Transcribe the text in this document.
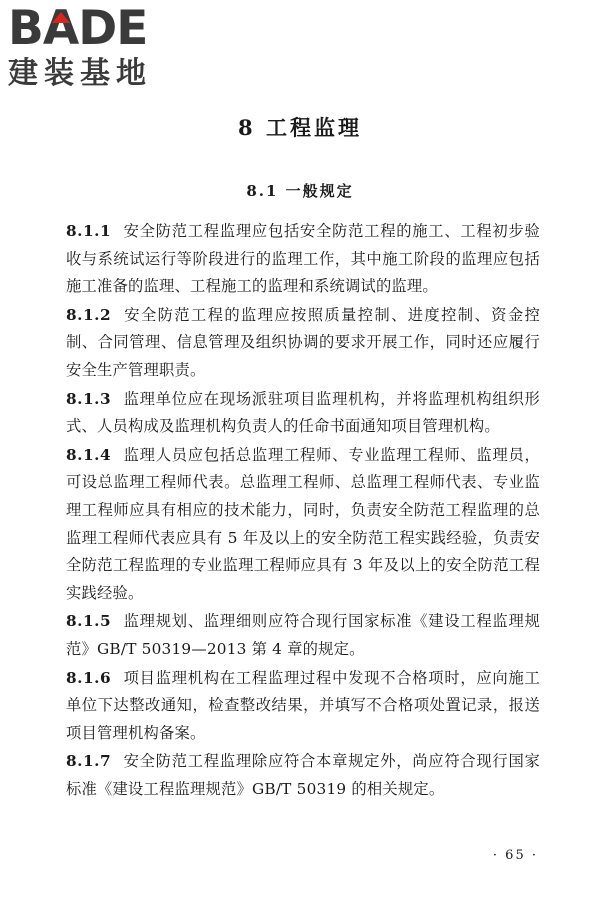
BA
DE
建装基地
8 工程监理
8.1 一般规定

8.1.1 安全防范工程监理应包括安全防范工程的施工、工程初步验收与系统试运行等阶段进行的监理工作，其中施工阶段的监理应包括施工准备的监理、工程施工的监理和系统调试的监理。

8.1.2 安全防范工程的监理应按照质量控制、进度控制、资金控制、合同管理、信息管理及组织协调的要求开展工作，同时还应履行安全生产管理职责。

8.1.3 监理单位应在现场派驻项目监理机构，并将监理机构组织形式、人员构成及监理机构负责人的任命书面通知项目管理机构。

8.1.4 监理人员应包括总监理工程师、专业监理工程师、监理员，可设总监理工程师代表。总监理工程师、总监理工程师代表、专业监理工程师应具有相应的技术能力，同时，负责安全防范工程监理的总监理工程师代表应具有 5 年及以上的安全防范工程实践经验，负责安全防范工程监理的专业监理工程师应具有 3 年及以上的安全防范工程实践经验。

8.1.5 监理规划、监理细则应符合现行国家标准《建设工程监理规范》GB/T 50319—2013 第 4 章的规定。

8.1.6 项目监理机构在工程监理过程中发现不合格项时，应向施工单位下达整改通知，检查整改结果，并填写不合格项处置记录，报送项目管理机构备案。

8.1.7 安全防范工程监理除应符合本章规定外，尚应符合现行国家标准《建设工程监理规范》GB/T 50319 的相关规定。

· 65 ·
